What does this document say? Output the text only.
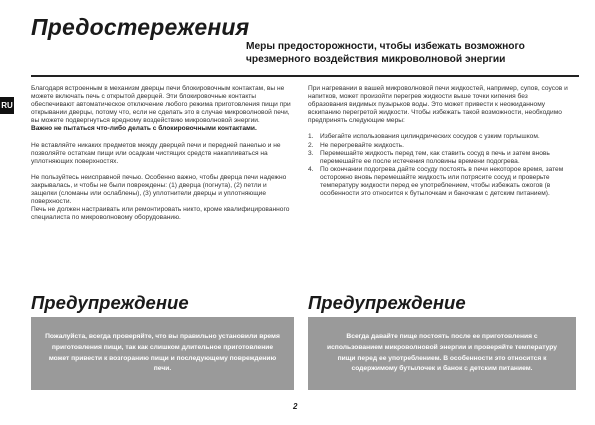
Предостережения
Меры предосторожности, чтобы избежать возможного
чрезмерного воздействия микроволновой энергии
RU

Благодаря встроенным в механизм дверцы печи блокировочным контактам, вы не можете включать печь с открытой дверцей. Эти блокировочные контакты обеспечивают автоматическое отключение любого режима приготовления пищи при открывании дверцы, потому что, если не сделать это в случае микроволновой печи, вы можете подвергнуться вредному воздействию микроволновой энергии.

Важно не пытаться что-либо делать с блокировочными контактами.

Не вставляйте никаких предметов между дверцей печи и передней панелью и не позволяйте остаткам пищи или осадкам чистящих средств накапливаться на уплотняющих поверхностях.

Не пользуйтесь неисправной печью. Особенно важно, чтобы дверца печи надежно закрывалась, и чтобы не были повреждены: (1) дверца (погнута), (2) петли и защелки (сломаны или ослаблены), (3) уплотнители дверцы и уплотняющие поверхности.

Печь не должен настраивать или ремонтировать никто, кроме квалифицированного специалиста по микроволновому оборудованию.

При нагревании в вашей микроволновой печи жидкостей, например, супов, соусов и напитков, может произойти перегрев жидкости выше точки кипения без образования видимых пузырьков воды. Это может привести к неожиданному вскипанию перегретой жидкости. Чтобы избежать такой возможности, необходимо предпринять следующие меры:

1. Избегайте использования цилиндрических сосудов с узким горлышком.
2. Не перегревайте жидкость.
3. Перемешайте жидкость перед тем, как ставить сосуд в печь и затем вновь перемешайте ее после истечения половины времени подогрева.
4. По окончании подогрева дайте сосуду постоять в печи некоторое время, затем осторожно вновь перемешайте жидкость или потрясите сосуд и проверьте температуру жидкости перед ее употреблением, чтобы избежать ожогов (в особенности это относится к бутылочкам и баночкам с детским питанием).
Предупреждение	Предупреждение
Пожалуйста, всегда проверяйте, что вы правильно установили время приготовления пищи, так как слишком длительное приготовление может привести к возгоранию пищи и последующему повреждению печи.
Всегда давайте пище постоять после ее приготовления с использованием микроволновой энергии и проверяйте температуру пищи перед ее употреблением. В особенности это относится к содержимому бутылочек и банок с детским питанием.
2
